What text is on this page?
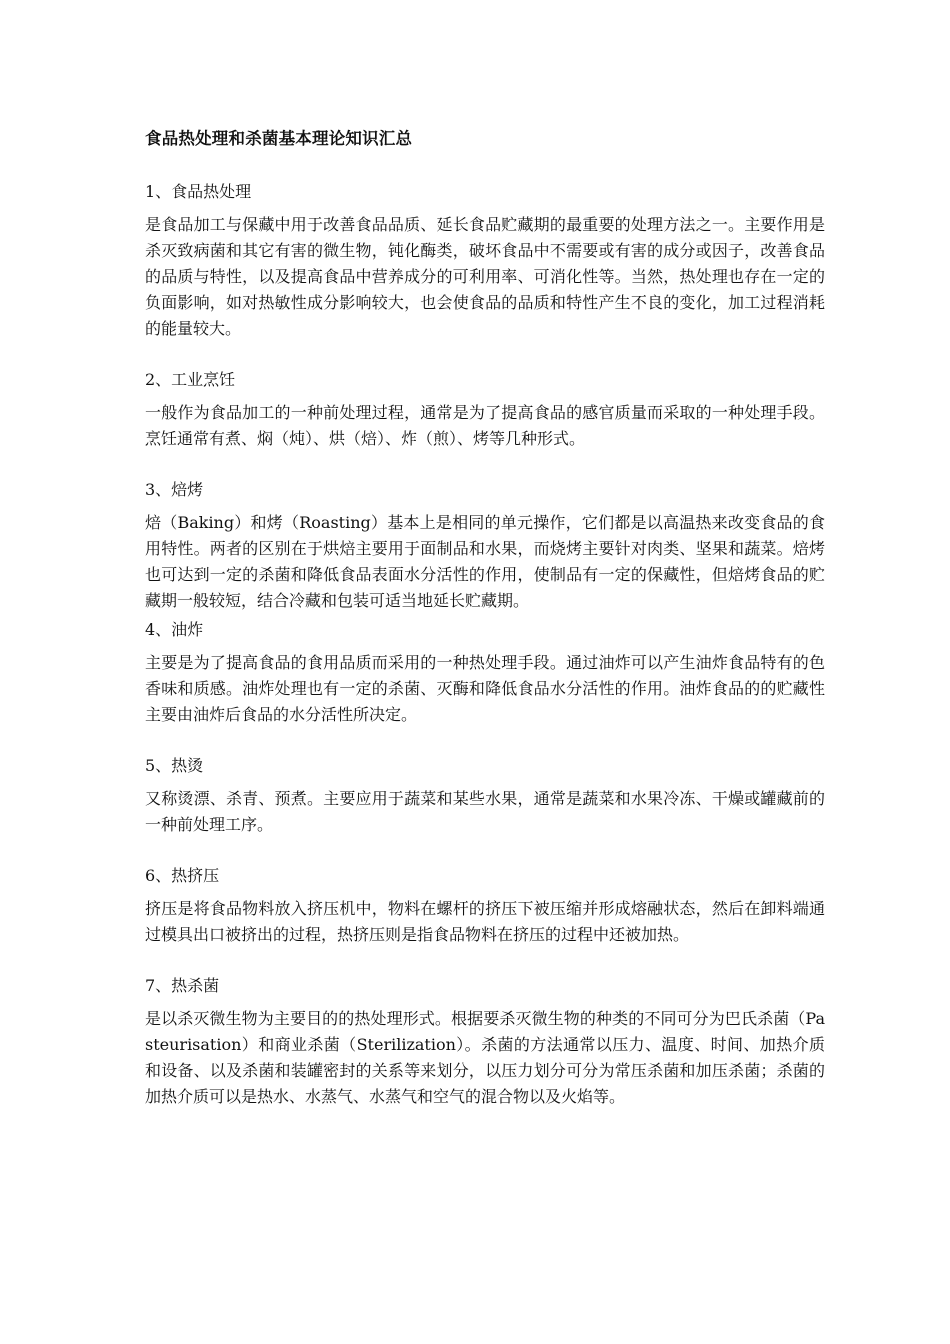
食品热处理和杀菌基本理论知识汇总
1、食品热处理

是食品加工与保藏中用于改善食品品质、延长食品贮藏期的最重要的处理方法之一。主要作用是杀灭致病菌和其它有害的微生物，钝化酶类，破坏食品中不需要或有害的成分或因子，改善食品的品质与特性，以及提高食品中营养成分的可利用率、可消化性等。当然，热处理也存在一定的负面影响，如对热敏性成分影响较大，也会使食品的品质和特性产生不良的变化，加工过程消耗的能量较大。

2、工业烹饪

一般作为食品加工的一种前处理过程，通常是为了提高食品的感官质量而采取的一种处理手段。烹饪通常有煮、焖（炖）、烘（焙）、炸（煎）、烤等几种形式。

3、焙烤

焙（Baking）和烤（Roasting）基本上是相同的单元操作，它们都是以高温热来改变食品的食用特性。两者的区别在于烘焙主要用于面制品和水果，而烧烤主要针对肉类、坚果和蔬菜。焙烤也可达到一定的杀菌和降低食品表面水分活性的作用，使制品有一定的保藏性，但焙烤食品的贮藏期一般较短，结合冷藏和包装可适当地延长贮藏期。

4、油炸

主要是为了提高食品的食用品质而采用的一种热处理手段。通过油炸可以产生油炸食品特有的色香味和质感。油炸处理也有一定的杀菌、灭酶和降低食品水分活性的作用。油炸食品的的贮藏性主要由油炸后食品的水分活性所决定。

5、热烫

又称烫漂、杀青、预煮。主要应用于蔬菜和某些水果，通常是蔬菜和水果冷冻、干燥或罐藏前的一种前处理工序。

6、热挤压

挤压是将食品物料放入挤压机中，物料在螺杆的挤压下被压缩并形成熔融状态，然后在卸料端通过模具出口被挤出的过程，热挤压则是指食品物料在挤压的过程中还被加热。

7、热杀菌

是以杀灭微生物为主要目的的热处理形式。根据要杀灭微生物的种类的不同可分为巴氏杀菌（Pasteurisation）和商业杀菌（Sterilization）。杀菌的方法通常以压力、温度、时间、加热介质和设备、以及杀菌和装罐密封的关系等来划分，以压力划分可分为常压杀菌和加压杀菌；杀菌的加热介质可以是热水、水蒸气、水蒸气和空气的混合物以及火焰等。
